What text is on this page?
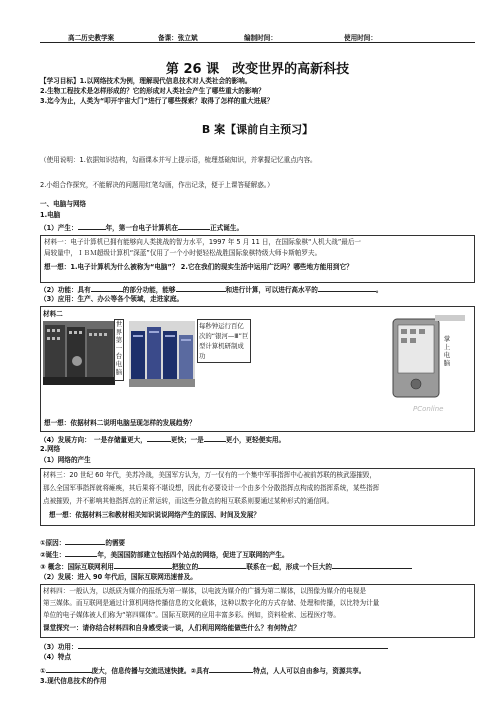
高二历史教学案	备课：张立斌	编制时间：	使用时间：
第 26 课　改变世界的高新科技
【学习目标】1.以网络技术为例，理解现代信息技术对人类社会的影响。
2.生物工程技术是怎样形成的？它的形成对人类社会产生了哪些重大的影响？
3.迄今为止，人类为“叩开宇宙大门”进行了哪些探索？取得了怎样的重大进展？
B 案【课前自主预习】
（使用说明：1.依据知识结构，勾画课本并写上提示语，梳理基础知识，并掌握记忆重点内容。
2.小组合作探究，不能解决的问题用红笔勾画，作出记录，便于上课答疑解惑。）
一、电脑与网络
1.电脑
（1）产生：	年，第一台电子计算机在	正式诞生。
材料一：电子计算机已拥有能够向人类挑战的智力水平，1997 年 5 月 11 日，在国际象棋“人机大战”最后一
局较量中，ＩＢＭ超级计算机“深蓝”仅用了一个小时便轻松战胜国际象棋特级大师卡斯帕罗夫。
想一想：1.电子计算机为什么被称为“电脑”？ 2.它在我们的现实生活中运用广泛吗？哪些地方能用到它？
（2）功能：具有	的部分功能，能够	和进行计算，可以进行高水平的	。
（3）应用：生产、办公等各个领域，走进家庭。
材料二
世界第一台电脑
每秒钟运行百亿次的“银河—Ⅲ”巨型计算机研制成功
掌上电脑
PConline
想一想：依据材料二说明电脑呈现怎样的发展趋势？
（4）发展方向：　一是存储量更大，	更快；一是	更小，更轻便实用。
2.网络
（1）网络的产生
材料三：20 世纪 60 年代，美苏冷战，美国军方认为，万一仅有的一个集中军事指挥中心被前苏联的核武器摧毁，
那么全国军事指挥就将瘫痪，其后果将不堪设想，因此有必要设计一个由多个分散指挥点构成的指挥系统，某些指挥
点被摧毁，并不影响其他指挥点的正常运转，而这些分散点的相互联系则要通过某种形式的通信网。
想一想：依据材料三和教材相关知识说说网络产生的原因、时间及发展？
①原因：	的需要
②诞生：	年，美国国防部建立包括四个站点的网络，促进了互联网的产生。
③ 概念：国际互联网利用	把独立的	联系在一起，形成一个巨大的
（2）发展：进入 90 年代后，国际互联网迅速普及。
材料四：一般认为，以纸质为媒介的报纸为第一媒体，以电波为媒介的广播为第二媒体，以图像为媒介的电视是
第三媒体。而互联网是通过计算机网络传播信息的文化载体，这种以数字化的方式存储、处理和传播，以比特为计量
单位的电子媒体被人们称为“第四媒体”。国际互联网的应用丰富多彩。例如，资料检索、远程医疗等。
课堂探究一：请你结合材料四和自身感受谈一谈，人们利用网络能做些什么？有何特点？
（3）功用：
（4）特点
①	庞大，信息传播与交流迅速快捷。②具有	特点，人人可以自由参与，资源共享。
3.现代信息技术的作用
